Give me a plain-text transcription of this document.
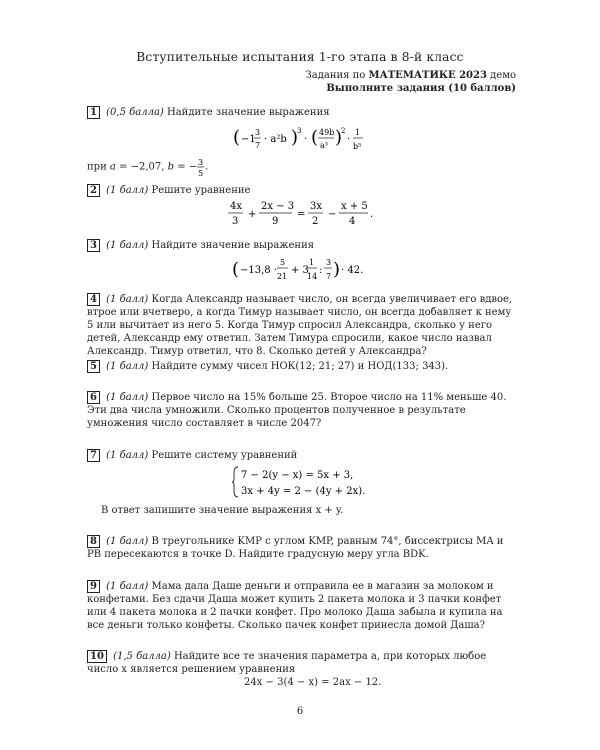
Вступительные испытания 1-го этапа в 8-й класс
Задания по МАТЕМАТИКЕ 2023 демо
Выполните задания (10 баллов)
1 (0,5 балла) Найдите значение выражения
( −1
3
7
· a²b )
3
· ( 49b
a³ )
2
·
1
b⁵
при a = −2,07, b = − 3
5
.
2 (1 балл) Решите уравнение
4x
3
+
2x − 3
9
=
3x
2
−
x + 5
4
.
3 (1 балл) Найдите значение выражения
( −13,8 ·
5
21
+ 3
1
14
:
3
7 ) · 42.
4 (1 балл) Когда Александр называет число, он всегда увеличивает его вдвое, втрое или вчетверо, а когда Тимур называет число, он всегда добавляет к нему 5 или вычитает из него 5. Когда Тимур спросил Александра, сколько у него детей, Александр ему ответил. Затем Тимура спросили, какое число назвал Александр. Тимур ответил, что 8. Сколько детей у Александра?
5 (1 балл) Найдите сумму чисел НОК(12; 21; 27) и НОД(133; 343).
6 (1 балл) Первое число на 15% больше 25. Второе число на 11% меньше 40. Эти два числа умножили. Сколько процентов полученное в результате умножения число составляет в числе 2047?
7 (1 балл) Решите систему уравнений
7 − 2(y − x) = 5x + 3,
3x + 4y = 2 − (4y + 2x).
В ответ запишите значение выражения x + y.
8 (1 балл) В треугольнике KMP с углом KMP, равным 74°, биссектрисы MA и PB пересекаются в точке D. Найдите градусную меру угла BDK.
9 (1 балл) Мама дала Даше деньги и отправила ее в магазин за молоком и конфетами. Без сдачи Даша может купить 2 пакета молока и 3 пачки конфет или 4 пакета молока и 2 пачки конфет. Про молоко Даша забыла и купила на все деньги только конфеты. Сколько пачек конфет принесла домой Даша?
10 (1,5 балла) Найдите все те значения параметра a, при которых любое число x является решением уравнения
24x − 3(4 − x) = 2ax − 12.
6
